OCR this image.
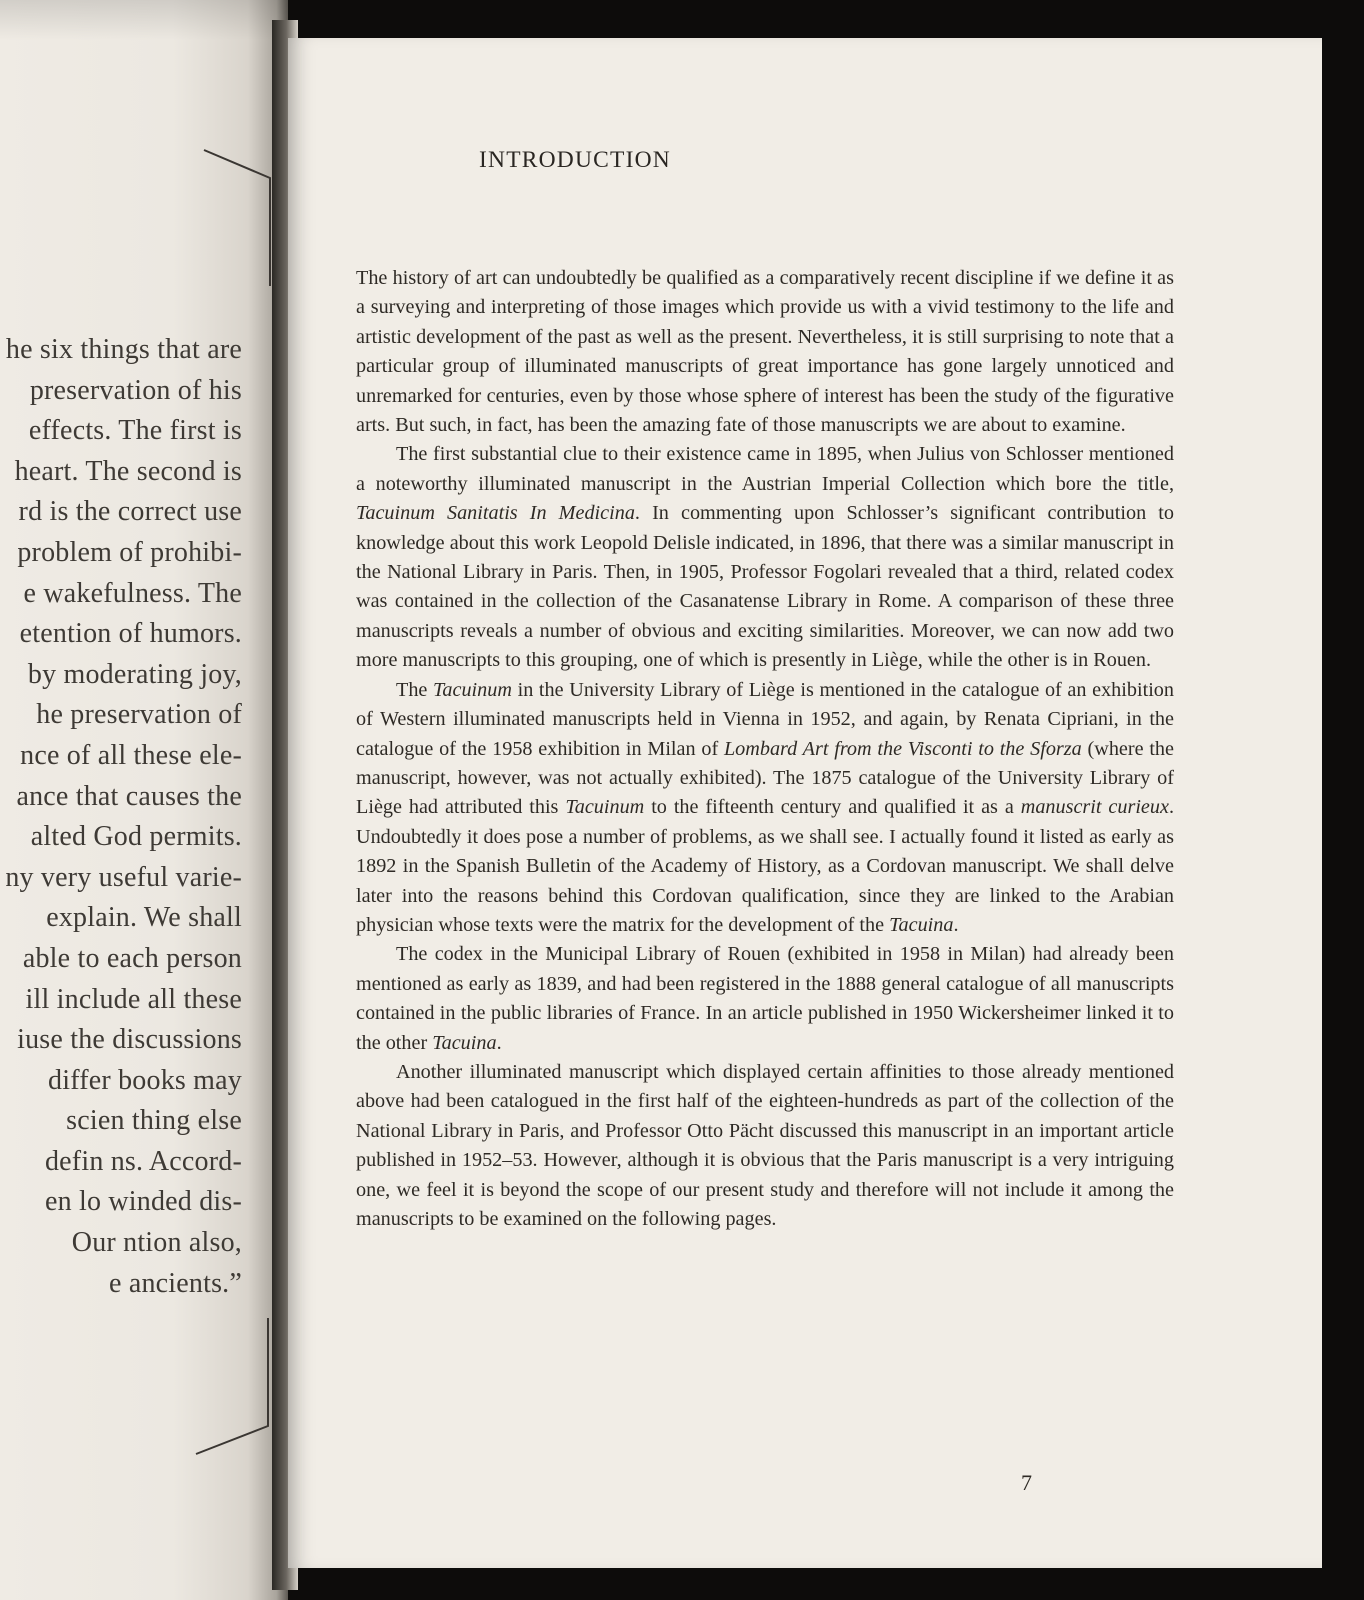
he six things that are
preservation of his
effects. The first is
heart. The second is
rd is the correct use
problem of prohibi-
e wakefulness. The
etention of humors.
by moderating joy,
he preservation of
nce of all these ele-
ance that causes the
alted God permits.
ny very useful varie-
explain. We shall
able to each person
ill include all these
iuse the discussions
differ books may
scien thing else
defin ns. Accord-
en lo winded dis-
Our ntion also,
e ancients.”
INTRODUCTION

The history of art can undoubtedly be qualified as a comparatively recent discipline if we define it as a surveying and interpreting of those images which provide us with a vivid testimony to the life and artistic development of the past as well as the present. Nevertheless, it is still surprising to note that a particular group of illuminated manuscripts of great importance has gone largely unnoticed and unremarked for centuries, even by those whose sphere of interest has been the study of the figurative arts. But such, in fact, has been the amazing fate of those manuscripts we are about to examine.

The first substantial clue to their existence came in 1895, when Julius von Schlosser mentioned a noteworthy illuminated manuscript in the Austrian Imperial Collection which bore the title, Tacuinum Sanitatis In Medicina. In commenting upon Schlosser’s significant contribution to knowledge about this work Leopold Delisle indicated, in 1896, that there was a similar manuscript in the National Library in Paris. Then, in 1905, Professor Fogolari revealed that a third, related codex was contained in the collection of the Casanatense Library in Rome. A comparison of these three manuscripts reveals a number of obvious and exciting similarities. Moreover, we can now add two more manuscripts to this grouping, one of which is presently in Liège, while the other is in Rouen.

The Tacuinum in the University Library of Liège is mentioned in the catalogue of an exhibition of Western illuminated manuscripts held in Vienna in 1952, and again, by Renata Cipriani, in the catalogue of the 1958 exhibition in Milan of Lombard Art from the Visconti to the Sforza (where the manuscript, however, was not actually exhibited). The 1875 catalogue of the University Library of Liège had attributed this Tacuinum to the fifteenth century and qualified it as a manuscrit curieux. Undoubtedly it does pose a number of problems, as we shall see. I actually found it listed as early as 1892 in the Spanish Bulletin of the Academy of History, as a Cordovan manuscript. We shall delve later into the reasons behind this Cordovan qualification, since they are linked to the Arabian physician whose texts were the matrix for the development of the Tacuina.

The codex in the Municipal Library of Rouen (exhibited in 1958 in Milan) had already been mentioned as early as 1839, and had been registered in the 1888 general catalogue of all manuscripts contained in the public libraries of France. In an article published in 1950 Wickersheimer linked it to the other Tacuina.

Another illuminated manuscript which displayed certain affinities to those already mentioned above had been catalogued in the first half of the eighteen-hundreds as part of the collection of the National Library in Paris, and Professor Otto Pächt discussed this manuscript in an important article published in 1952–53. However, although it is obvious that the Paris manuscript is a very intriguing one, we feel it is beyond the scope of our present study and therefore will not include it among the manuscripts to be examined on the following pages.

7
